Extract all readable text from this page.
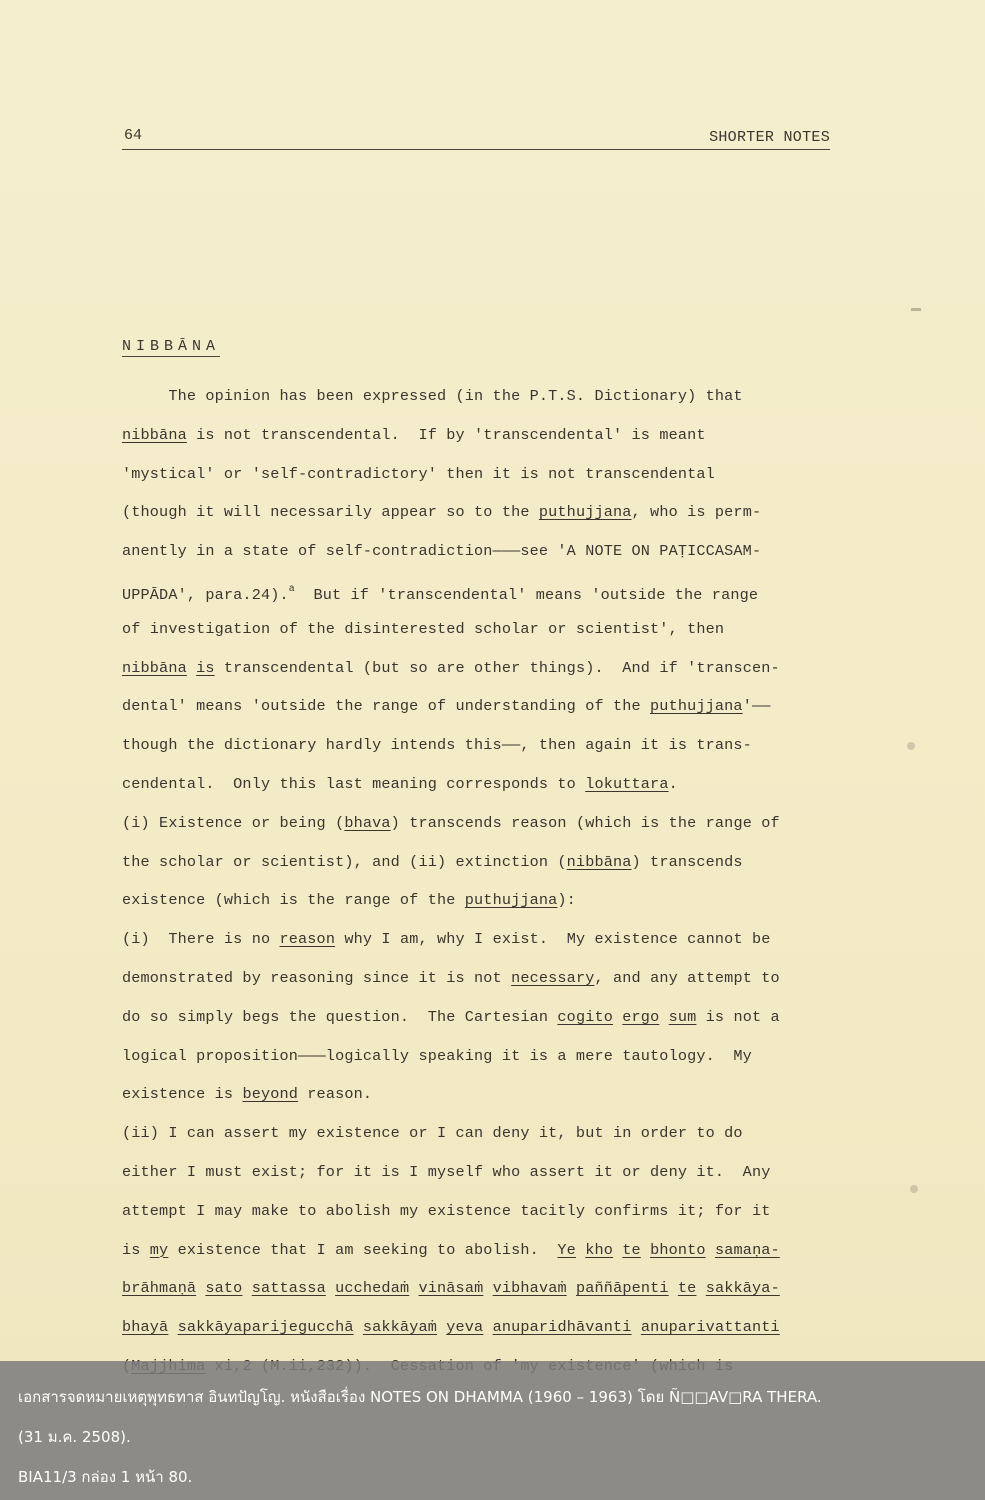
64	SHORTER NOTES
NIBBĀNA
The opinion has been expressed (in the P.T.S. Dictionary) that
nibbāna is not transcendental.  If by 'transcendental' is meant
'mystical' or 'self-contradictory' then it is not transcendental
(though it will necessarily appear so to the puthujjana, who is perm-
anently in a state of self-contradiction———see 'A NOTE ON PAṬICCASAM-
UPPĀDA', para.24).$^a$  But if 'transcendental' means 'outside the range
of investigation of the disinterested scholar or scientist', then
nibbāna is transcendental (but so are other things).  And if 'transcen-
dental' means 'outside the range of understanding of the puthujjana'——
though the dictionary hardly intends this——, then again it is trans-
cendental.  Only this last meaning corresponds to lokuttara.
(i) Existence or being (bhava) transcends reason (which is the range of
the scholar or scientist), and (ii) extinction (nibbāna) transcends
existence (which is the range of the puthujjana):
(i)  There is no reason why I am, why I exist.  My existence cannot be
demonstrated by reasoning since it is not necessary, and any attempt to
do so simply begs the question.  The Cartesian cogito ergo sum is not a
logical proposition———logically speaking it is a mere tautology.  My
existence is beyond reason.
(ii) I can assert my existence or I can deny it, but in order to do
either I must exist; for it is I myself who assert it or deny it.  Any
attempt I may make to abolish my existence tacitly confirms it; for it
is my existence that I am seeking to abolish.  Ye kho te bhonto samaṇa-
brāhmaṇā sato sattassa ucchedaṁ vināsaṁ vibhavaṁ paññāpenti te sakkāya-
bhayā sakkāyaparijegucchā sakkāyaṁ yeva anuparidhāvanti anuparivattanti
เอกสารจดหมายเหตุพุทธทาส อินทปัญโญ. หนังสือเรื่อง NOTES ON DHAMMA (1960 – 1963) โดย Ñ□□AV□RA THERA.
(31 ม.ค. 2508).
BIA11/3 กล่อง 1 หน้า 80.
